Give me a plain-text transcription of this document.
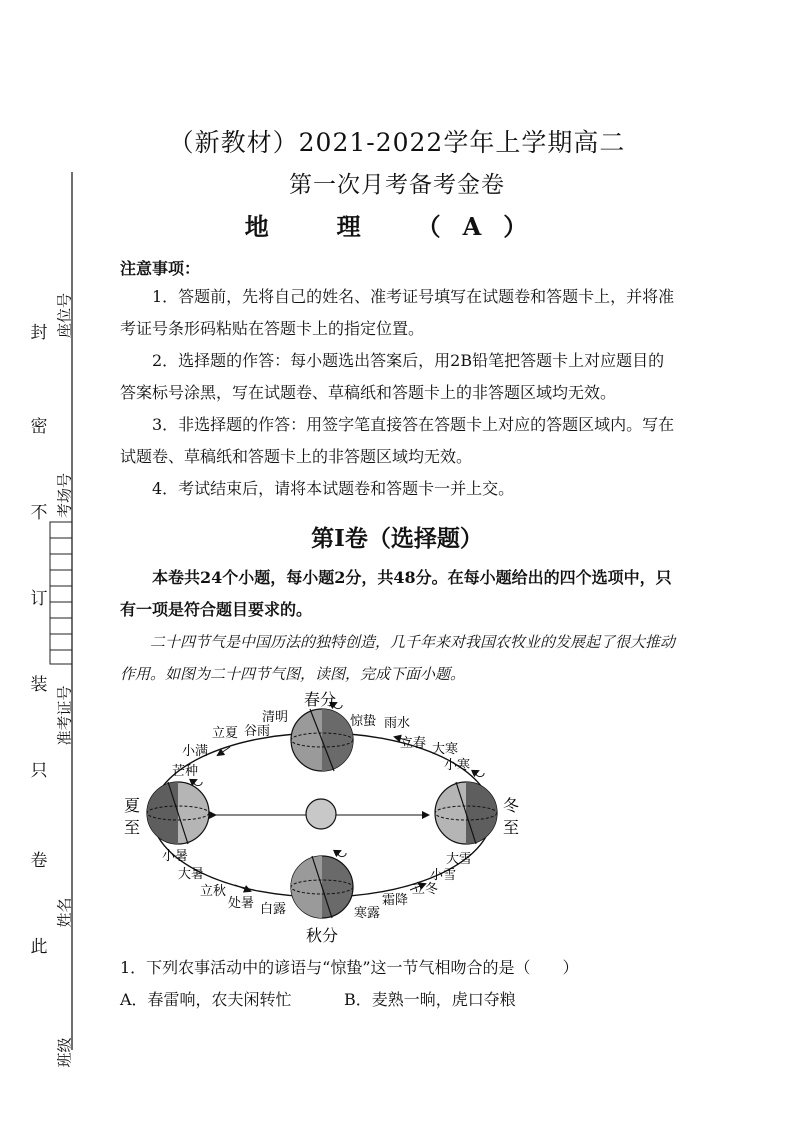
封
密
不
订
装
只
卷
此
座位号
考场号
准考证号
姓名
班级
（新教材）2021-2022学年上学期高二
第一次月考备考金卷
地　理　（A）
注意事项：

1．答题前，先将自己的姓名、准考证号填写在试题卷和答题卡上，并将准考证号条形码粘贴在答题卡上的指定位置。

2．选择题的作答：每小题选出答案后，用2B铅笔把答题卡上对应题目的答案标号涂黑，写在试题卷、草稿纸和答题卡上的非答题区域均无效。

3．非选择题的作答：用签字笔直接答在答题卡上对应的答题区域内。写在试题卷、草稿纸和答题卡上的非答题区域均无效。

4．考试结束后，请将本试题卷和答题卡一并上交。

第Ⅰ卷（选择题）
本卷共24个小题，每小题2分，共48分。在每小题给出的四个选项中，只有一项是符合题目要求的。
二十四节气是中国历法的独特创造，几千年来对我国农牧业的发展起了很大推动作用。如图为二十四节气图，读图，完成下面小题。
春分
夏
至
冬
至
秋分
清明	惊蛰 雨水
立夏 谷雨
立春
小满	大寒
芒种	小寒
小暑	大雪
大暑	小雪
立秋	立冬
处暑 白露	寒露
霜降
1．下列农事活动中的谚语与“惊蛰”这一节气相吻合的是（　　）
A．春雷响，农夫闲转忙	B．麦熟一晌，虎口夺粮
